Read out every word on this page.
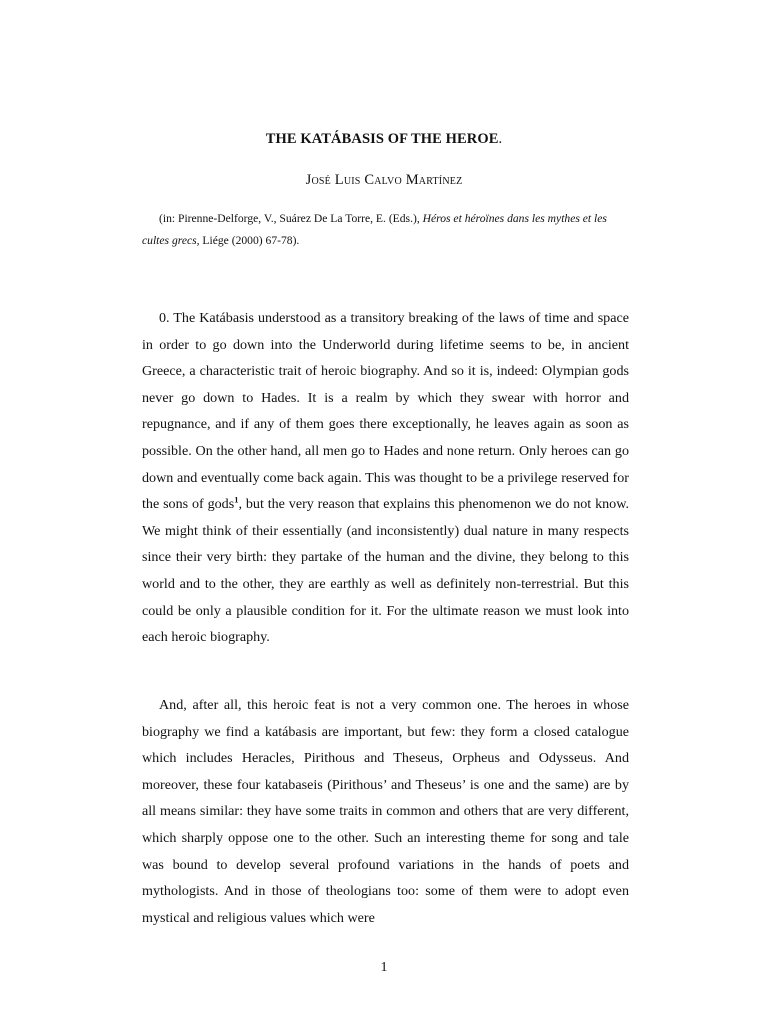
THE KATÁBASIS OF THE HEROE.
José Luis Calvo Martínez
(in: Pirenne-Delforge, V., Suárez De La Torre, E. (Eds.), Héros et héroïnes dans les mythes et les cultes grecs, Liége (2000) 67-78).

0. The Katábasis understood as a transitory breaking of the laws of time and space in order to go down into the Underworld during lifetime seems to be, in ancient Greece, a characteristic trait of heroic biography. And so it is, indeed: Olympian gods never go down to Hades. It is a realm by which they swear with horror and repugnance, and if any of them goes there exceptionally, he leaves again as soon as possible. On the other hand, all men go to Hades and none return. Only heroes can go down and eventually come back again. This was thought to be a privilege reserved for the sons of gods$^1$, but the very reason that explains this phenomenon we do not know. We might think of their essentially (and inconsistently) dual nature in many respects since their very birth: they partake of the human and the divine, they belong to this world and to the other, they are earthly as well as definitely non-terrestrial. But this could be only a plausible condition for it. For the ultimate reason we must look into each heroic biography.

And, after all, this heroic feat is not a very common one. The heroes in whose biography we find a katábasis are important, but few: they form a closed catalogue which includes Heracles, Pirithous and Theseus, Orpheus and Odysseus. And moreover, these four katabaseis (Pirithous’ and Theseus’ is one and the same) are by all means similar: they have some traits in common and others that are very different, which sharply oppose one to the other. Such an interesting theme for song and tale was bound to develop several profound variations in the hands of poets and mythologists. And in those of theologians too: some of them were to adopt even mystical and religious values which were

1
